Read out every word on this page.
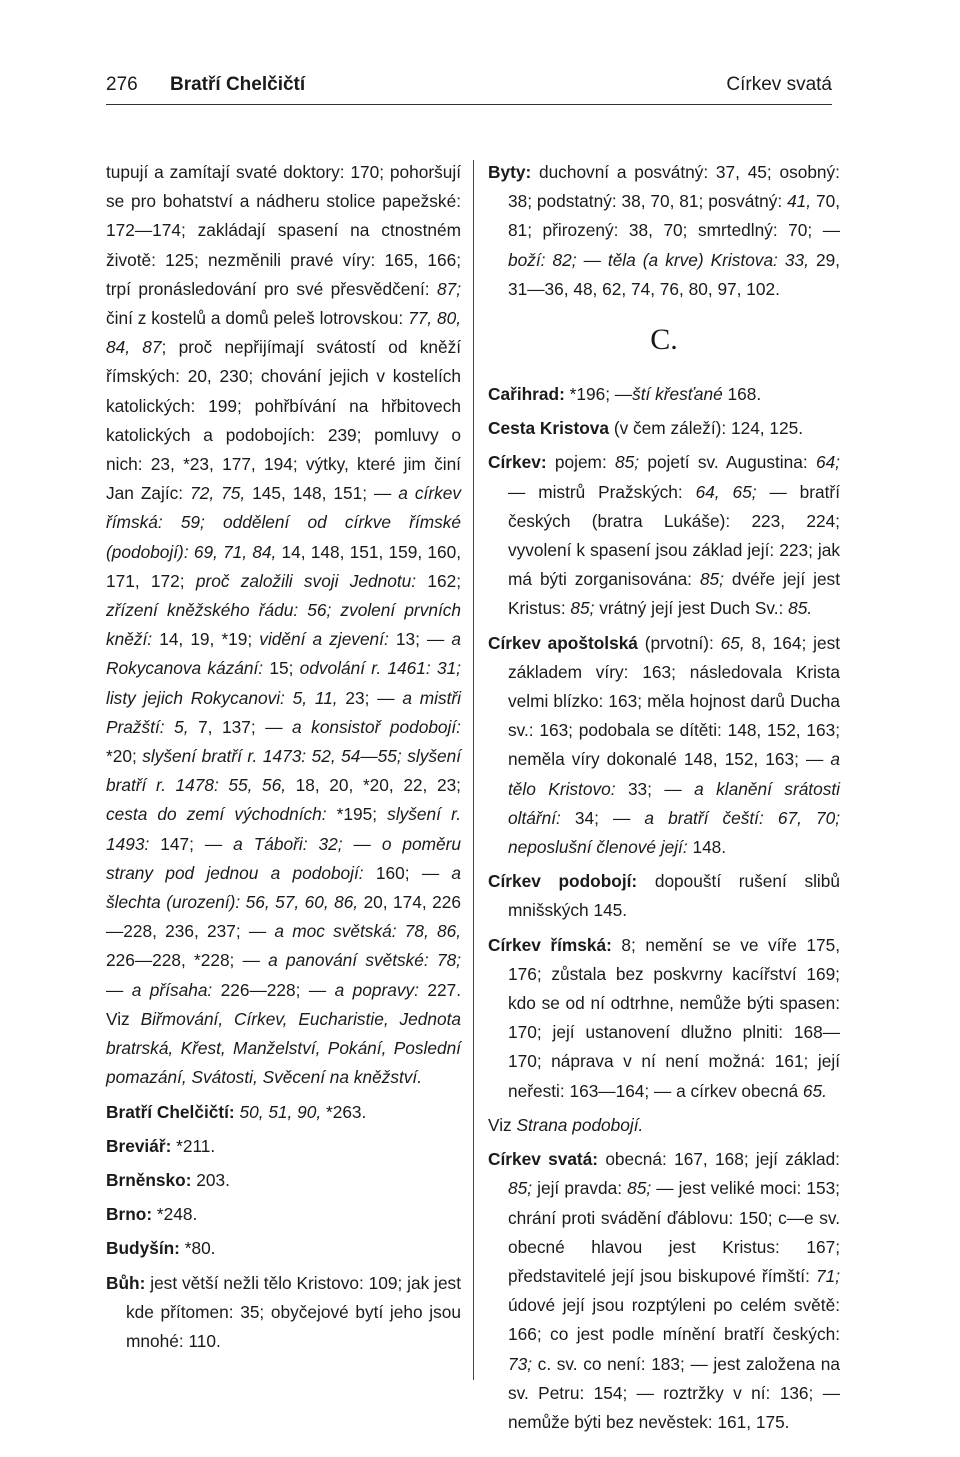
276 Bratří Chelčičtí	Církev svatá
tupují a zamítají svaté doktory: 170; pohoršují se pro bohatství a nádheru stolice papežské: 172—174; zakládají spasení na ctnostném životě: 125; nezměnili pravé víry: 165, 166; trpí pronásledování pro své přesvědčení: 87; činí z kostelů a domů peleš lotrovskou: 77, 80, 84, 87; proč nepřijímají svátostí od kněží římských: 20, 230; chování jejich v kostelích katolických: 199; pohřbívání na hřbitovech katolických a podobojích: 239; pomluvy o nich: 23, *23, 177, 194; výtky, které jim činí Jan Zajíc: 72, 75, 145, 148, 151; — a církev římská: 59; oddělení od církve římské (podobojí): 69, 71, 84, 14, 148, 151, 159, 160, 171, 172; proč založili svoji Jednotu: 162; zřízení kněžského řádu: 56; zvolení prvních kněží: 14, 19, *19; vidění a zjevení: 13; — a Rokycanova kázání: 15; odvolání r. 1461: 31; listy jejich Rokycanovi: 5, 11, 23; — a mistři Pražští: 5, 7, 137; — a konsistoř podobojí: *20; slyšení bratří r. 1473: 52, 54—55; slyšení bratří r. 1478: 55, 56, 18, 20, *20, 22, 23; cesta do zemí východních: *195; slyšení r. 1493: 147; — a Táboři: 32; — o poměru strany pod jednou a podobojí: 160; — a šlechta (urození): 56, 57, 60, 86, 20, 174, 226—228, 236, 237; — a moc světská: 78, 86, 226—228, *228; — a panování světské: 78; — a přísaha: 226—228; — a popravy: 227. Viz Biřmování, Církev, Eucharistie, Jednota bratrská, Křest, Manželství, Pokání, Poslední pomazání, Svátosti, Svěcení na kněžství.
Bratří Chelčičtí: 50, 51, 90, *263.
Breviář: *211.
Brněnsko: 203.
Brno: *248.
Budyšín: *80.
Bůh: jest větší nežli tělo Kristovo: 109; jak jest kde přítomen: 35; obyčejové bytí jeho jsou mnohé: 110.
Byty: duchovní a posvátný: 37, 45; osobný: 38; podstatný: 38, 70, 81; posvátný: 41, 70, 81; přirozený: 38, 70; smrtedlný: 70; — boží: 82; — těla (a krve) Kristova: 33, 29, 31—36, 48, 62, 74, 76, 80, 97, 102.
C.
Cařihrad: *196; —ští křesťané 168.
Cesta Kristova (v čem záleží): 124, 125.
Církev: pojem: 85; pojetí sv. Augustina: 64; — mistrů Pražských: 64, 65; — bratří českých (bratra Lukáše): 223, 224; vyvolení k spasení jsou základ její: 223; jak má býti zorganisována: 85; dvéře její jest Kristus: 85; vrátný její jest Duch Sv.: 85.
Církev apoštolská (prvotní): 65, 8, 164; jest základem víry: 163; následovala Krista velmi blízko: 163; měla hojnost darů Ducha sv.: 163; podobala se dítěti: 148, 152, 163; neměla víry dokonalé 148, 152, 163; — a tělo Kristovo: 33; — a klanění srátosti oltářní: 34; — a bratří čeští: 67, 70; neposlušní členové její: 148.
Církev podobojí: dopouští rušení slibů mnišských 145.
Církev římská: 8; nemění se ve víře 175, 176; zůstala bez poskvrny kacířství 169; kdo se od ní odtrhne, nemůže býti spasen: 170; její ustanovení dlužno plniti: 168—170; náprava v ní není možná: 161; její neřesti: 163—164; — a církev obecná 65.
Viz Strana podobojí.
Církev svatá: obecná: 167, 168; její základ: 85; její pravda: 85; — jest veliké moci: 153; chrání proti svádění ďáblovu: 150; c—e sv. obecné hlavou jest Kristus: 167; představitelé její jsou biskupové římští: 71; údové její jsou rozptýleni po celém světě: 166; co jest podle mínění bratří českých: 73; c. sv. co není: 183; — jest založena na sv. Petru: 154; — roztržky v ní: 136; — nemůže býti bez nevěstek: 161, 175.
